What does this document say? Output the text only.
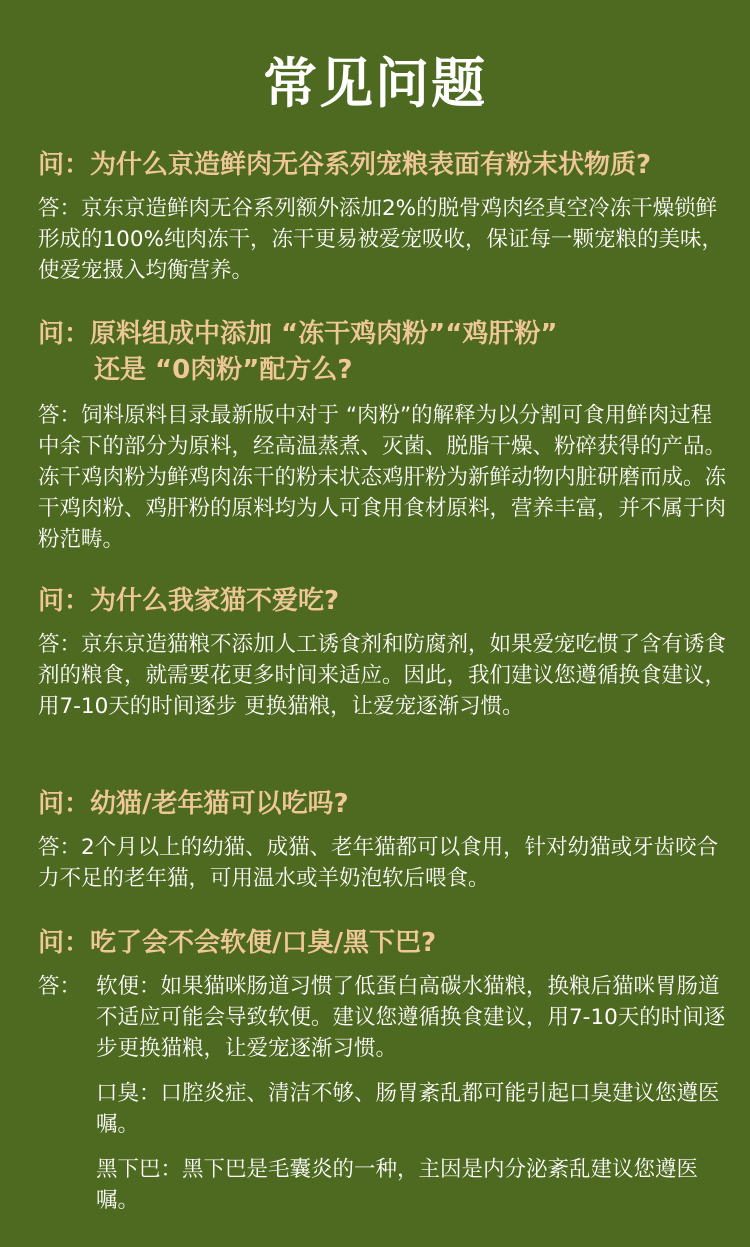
常见问题
问：为什么京造鲜肉无谷系列宠粮表面有粉末状物质?
答：京东京造鲜肉无谷系列额外添加2%的脱骨鸡肉经真空冷冻干燥锁鲜形成的100%纯肉冻干，冻干更易被爱宠吸收，保证每一颗宠粮的美味，使爱宠摄入均衡营养。
问：原料组成中添加 “冻干鸡肉粉”“鸡肝粉”
还是 “0肉粉”配方么?
答：饲料原料目录最新版中对于 “肉粉”的解释为以分割可食用鲜肉过程中余下的部分为原料，经高温蒸煮、灭菌、脱脂干燥、粉碎获得的产品。冻干鸡肉粉为鲜鸡肉冻干的粉末状态鸡肝粉为新鲜动物内脏研磨而成。冻干鸡肉粉、鸡肝粉的原料均为人可食用食材原料，营养丰富，并不属于肉粉范畴。
问：为什么我家猫不爱吃?
答：京东京造猫粮不添加人工诱食剂和防腐剂，如果爱宠吃惯了含有诱食剂的粮食，就需要花更多时间来适应。因此，我们建议您遵循换食建议，用7-10天的时间逐步 更换猫粮，让爱宠逐渐习惯。
问：幼猫/老年猫可以吃吗?
答：2个月以上的幼猫、成猫、老年猫都可以食用，针对幼猫或牙齿咬合力不足的老年猫，可用温水或羊奶泡软后喂食。
问：吃了会不会软便/口臭/黑下巴?
答： 软便：如果猫咪肠道习惯了低蛋白高碳水猫粮，换粮后猫咪胃肠道不适应可能会导致软便。建议您遵循换食建议，用7-10天的时间逐步更换猫粮，让爱宠逐渐习惯。
口臭：口腔炎症、清洁不够、肠胃紊乱都可能引起口臭建议您遵医嘱。
黑下巴：黑下巴是毛囊炎的一种，主因是内分泌紊乱建议您遵医嘱。
